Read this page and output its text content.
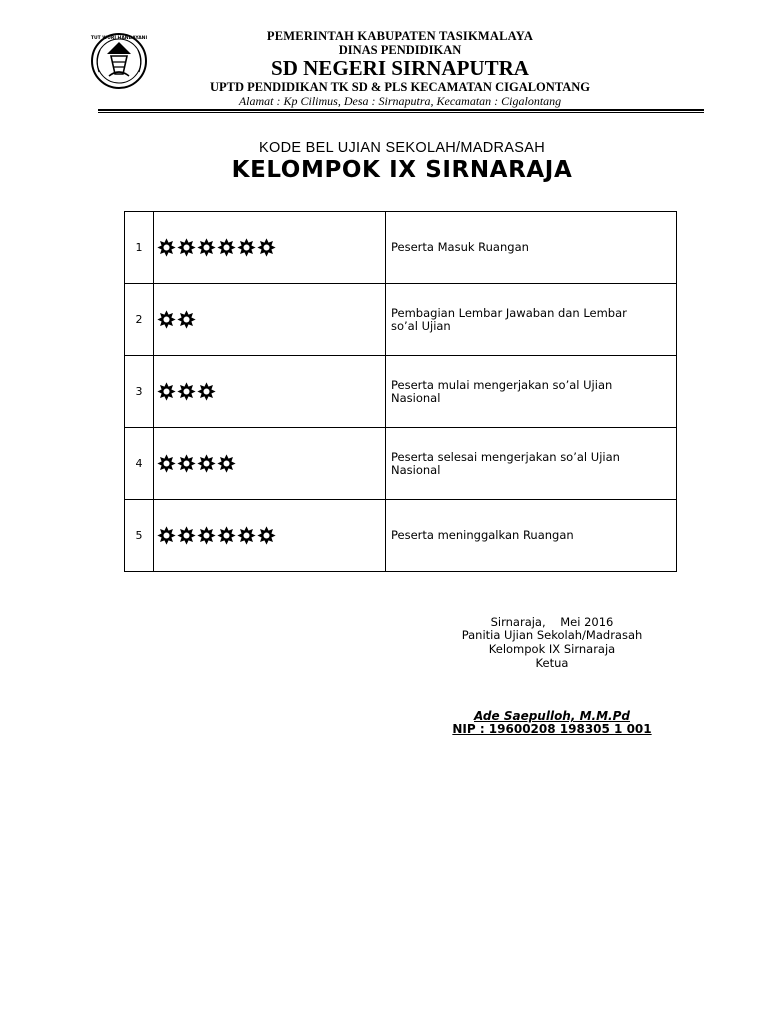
TUT WURI HANDAYANI	PEMERINTAH KABUPATEN TASIKMALAYA
DINAS PENDIDIKAN
SD NEGERI SIRNAPUTRA
UPTD PENDIDIKAN TK SD & PLS KECAMATAN CIGALONTANG
Alamat : Kp Cilimus, Desa : Sirnaputra, Kecamatan : Cigalontang
KODE BEL UJIAN SEKOLAH/MADRASAH
KELOMPOK IX SIRNARAJA
1		Peserta Masuk Ruangan

2		Pembagian Lembar Jawaban dan Lembar so’al Ujian

3		Peserta mulai mengerjakan so’al Ujian Nasional

4		Peserta selesai mengerjakan so’al Ujian Nasional

5		Peserta meninggalkan Ruangan
Sirnaraja,    Mei 2016
Panitia Ujian Sekolah/Madrasah
Kelompok IX Sirnaraja
Ketua
Ade Saepulloh, M.M.Pd
NIP : 19600208 198305 1 001
